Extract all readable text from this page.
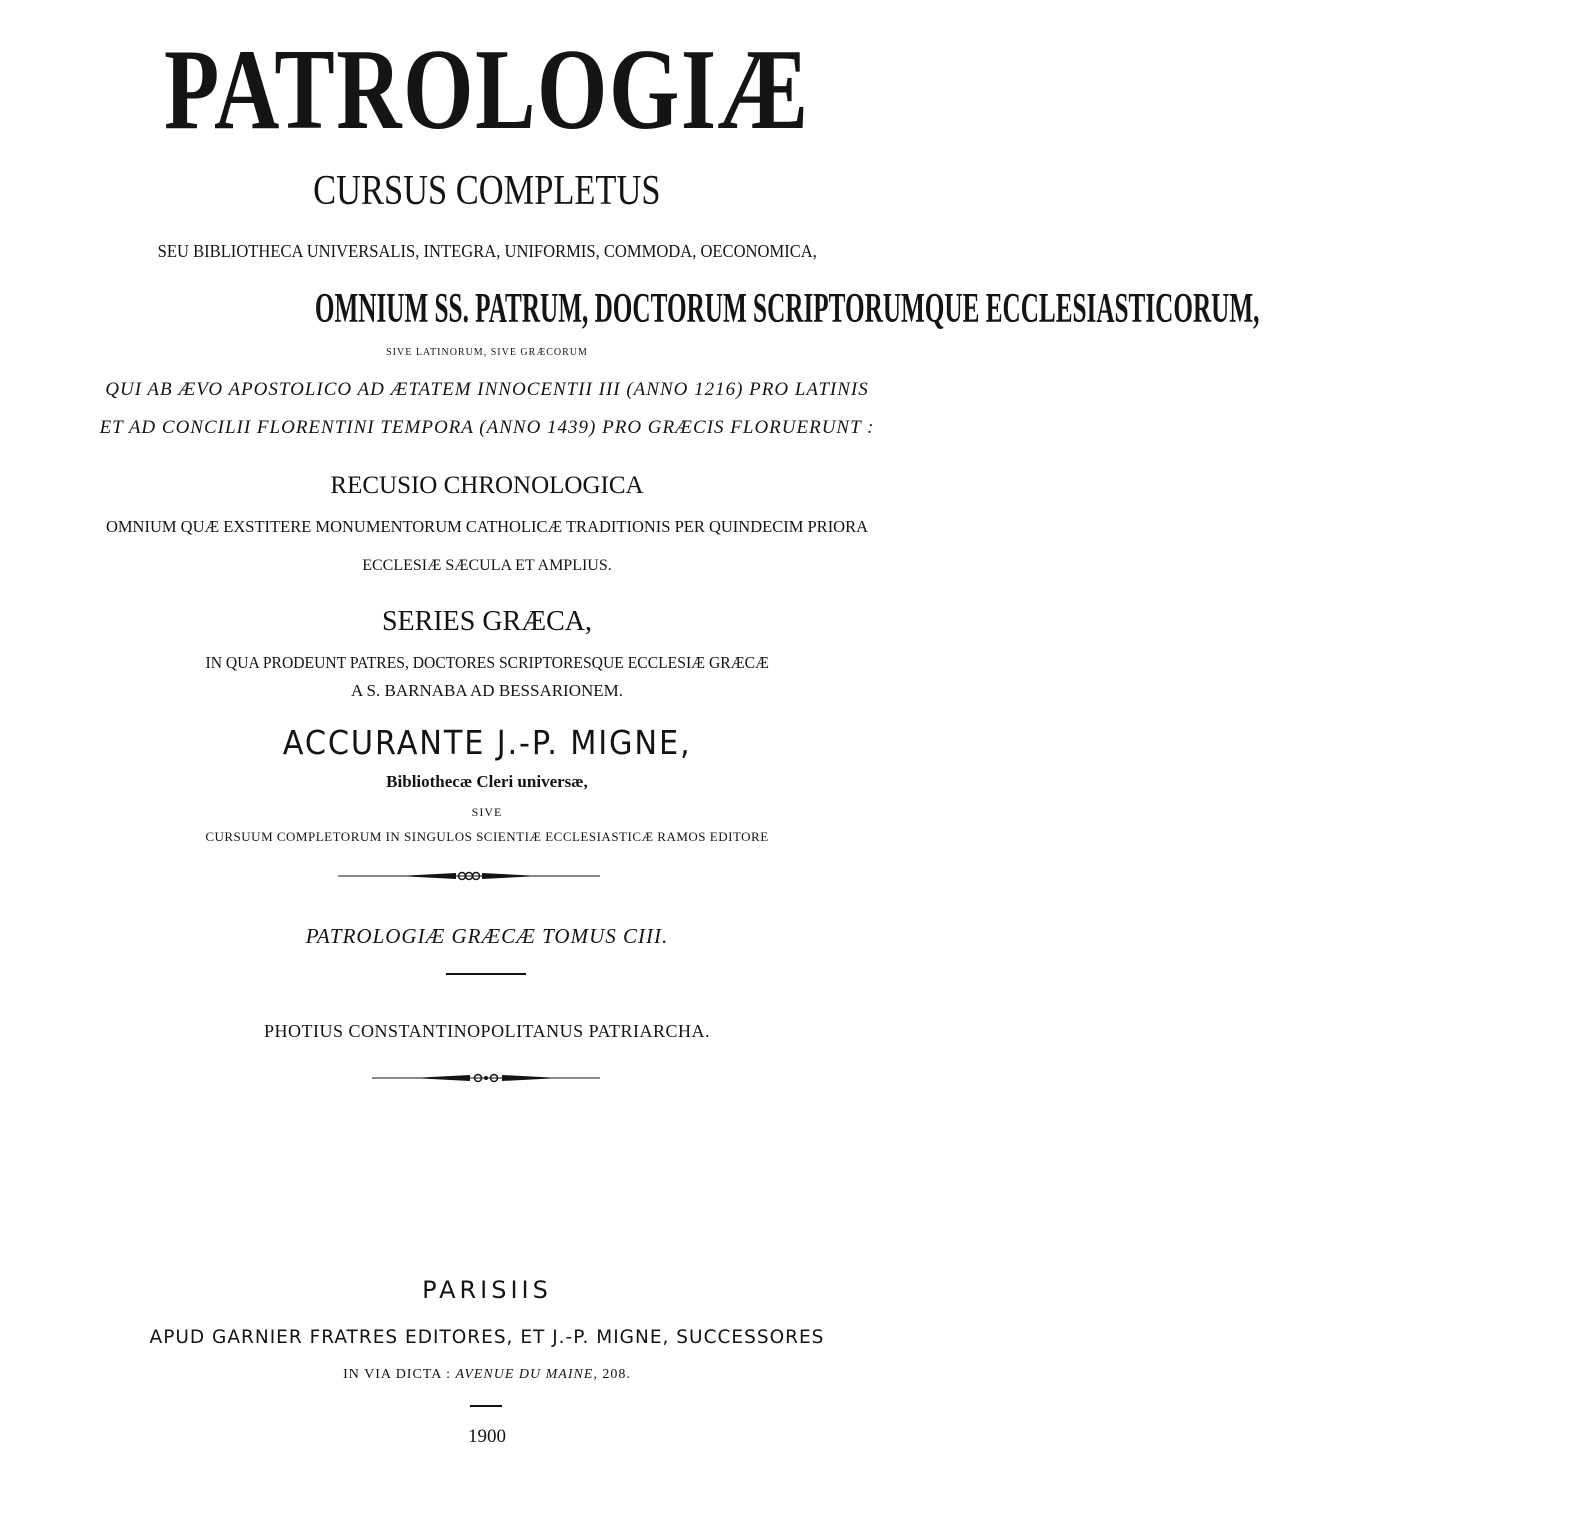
PATROLOGIÆ
CURSUS COMPLETUS
SEU BIBLIOTHECA UNIVERSALIS, INTEGRA, UNIFORMIS, COMMODA, OECONOMICA,
OMNIUM SS. PATRUM, DOCTORUM SCRIPTORUMQUE ECCLESIASTICORUM,
SIVE LATINORUM, SIVE GRÆCORUM
QUI AB ÆVO APOSTOLICO AD ÆTATEM INNOCENTII III (ANNO 1216) PRO LATINIS
ET AD CONCILII FLORENTINI TEMPORA (ANNO 1439) PRO GRÆCIS FLORUERUNT :
RECUSIO CHRONOLOGICA
OMNIUM QUÆ EXSTITERE MONUMENTORUM CATHOLICÆ TRADITIONIS PER QUINDECIM PRIORA
ECCLESIÆ SÆCULA ET AMPLIUS.
SERIES GRÆCA,
IN QUA PRODEUNT PATRES, DOCTORES SCRIPTORESQUE ECCLESIÆ GRÆCÆ
A S. BARNABA AD BESSARIONEM.
ACCURANTE J.-P. MIGNE,
Bibliothecæ Cleri universæ,
SIVE
CURSUUM COMPLETORUM IN SINGULOS SCIENTIÆ ECCLESIASTICÆ RAMOS EDITORE
PATROLOGIÆ GRÆCÆ TOMUS CIII.
PHOTIUS CONSTANTINOPOLITANUS PATRIARCHA.
PARISIIS
APUD GARNIER FRATRES EDITORES, ET J.-P. MIGNE, SUCCESSORES
IN VIA DICTA : AVENUE DU MAINE, 208.
1900
